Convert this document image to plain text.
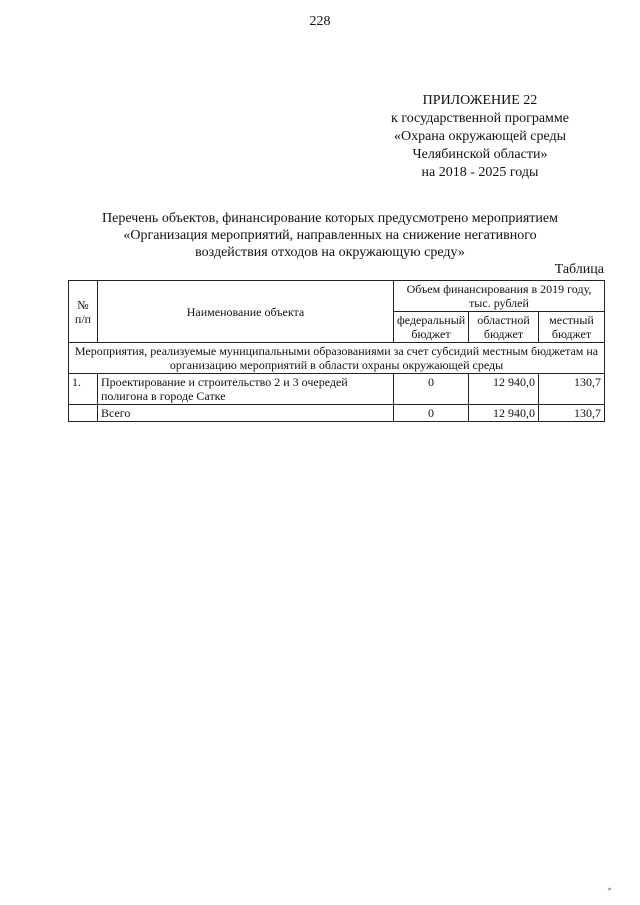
228
ПРИЛОЖЕНИЕ 22
к государственной программе
«Охрана окружающей среды
Челябинской области»
на 2018 - 2025 годы
Перечень объектов, финансирование которых предусмотрено мероприятием
«Организация мероприятий, направленных на снижение негативного
воздействия отходов на окружающую среду»
Таблица
№ п/п	Наименование объекта	Объем финансирования в 2019 году, тыс. рублей		
		федеральный бюджет	областной бюджет	местный бюджет
Мероприятия, реализуемые муниципальными образованиями за счет субсидий местным бюджетам на организацию мероприятий в области охраны окружающей среды				
1.	Проектирование и строительство 2 и 3 очередей полигона в городе Сатке	0	12 940,0	130,7
	Всего	0	12 940,0	130,7
